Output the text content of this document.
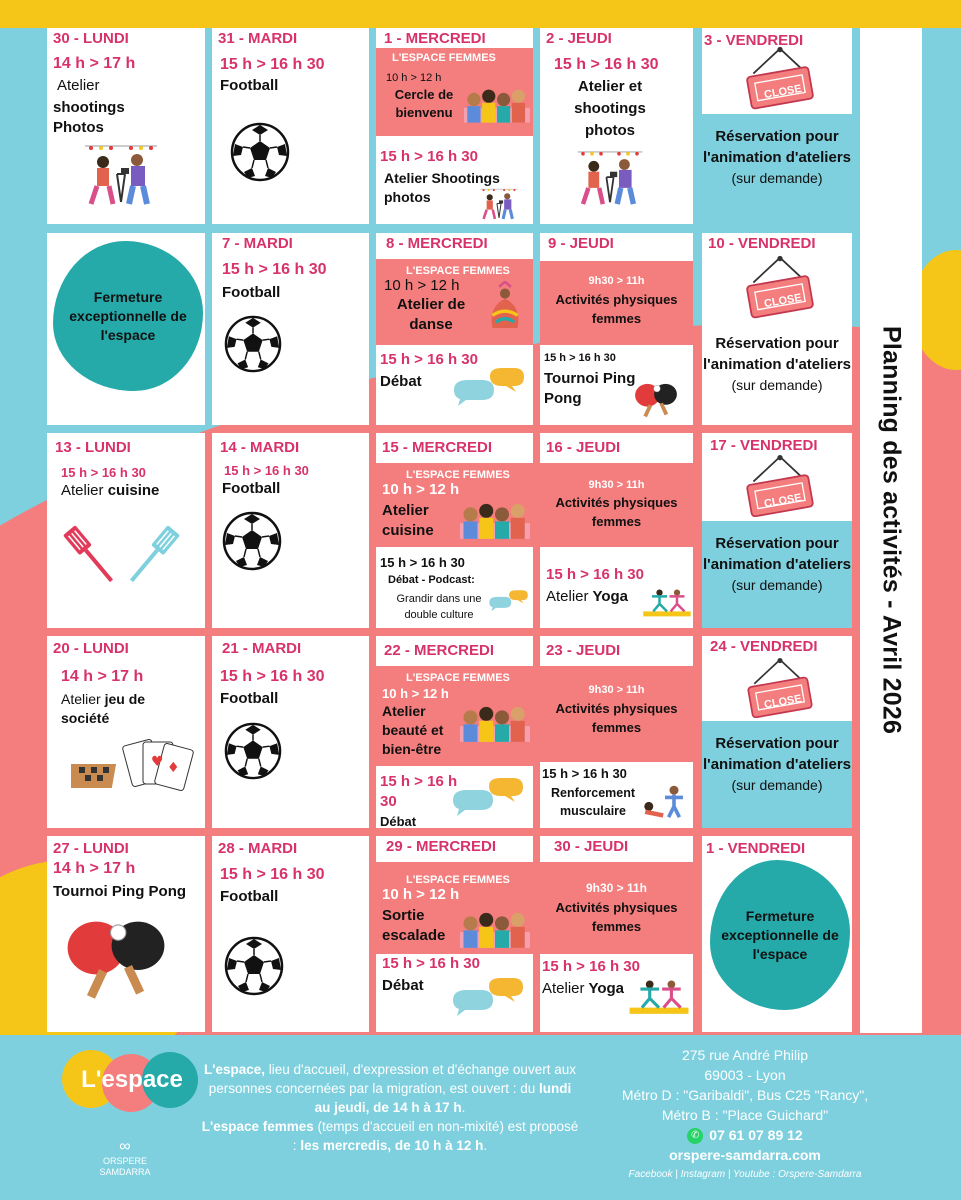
Planning des activités - Avril 2026
30 - LUNDI
14 h > 17 h
Atelier
shootings Photos
31 - MARDI
15 h > 16 h 30
Football
1 - MERCREDI
L'ESPACE FEMMES
10 h > 12 h
Cercle de bienvenu
15 h > 16 h 30
Atelier Shootings photos
2 - JEUDI
15 h > 16 h 30
Atelier et shootings photos
3 - VENDREDI
CLOSE
Réservation pour l'animation d'ateliers
(sur demande)
Fermeture exceptionnelle de l'espace
7 - MARDI
15 h > 16 h 30
Football
8 - MERCREDI
L'ESPACE FEMMES
10 h > 12 h
Atelier de danse
15 h > 16 h 30
Débat
9 - JEUDI
9h30 > 11h
Activités physiques femmes
15 h > 16 h 30
Tournoi Ping Pong
10 - VENDREDI
CLOSE
Réservation pour l'animation d'ateliers
(sur demande)
13 - LUNDI
15 h > 16 h 30
Atelier cuisine
14 - MARDI
15 h > 16 h 30
Football
15 - MERCREDI
L'ESPACE FEMMES
10 h > 12 h
Atelier cuisine
15 h > 16 h 30
Débat - Podcast:
Grandir dans une double culture
16 - JEUDI
9h30 > 11h
Activités physiques femmes
15 h > 16 h 30
Atelier Yoga
17 - VENDREDI
CLOSE
Réservation pour l'animation d'ateliers
(sur demande)
20 - LUNDI
14 h > 17 h
Atelier jeu de société
21 - MARDI
15 h > 16 h 30
Football
22 - MERCREDI
L'ESPACE FEMMES
10 h > 12 h
Atelier beauté et bien-être
15 h > 16 h
30
Débat
23 - JEUDI
9h30 > 11h
Activités physiques femmes
15 h > 16 h 30
Renforcement musculaire
24 - VENDREDI
CLOSE
Réservation pour l'animation d'ateliers
(sur demande)
27 - LUNDI
14 h > 17 h
Tournoi Ping Pong
28 - MARDI
15 h > 16 h 30
Football
29 - MERCREDI
L'ESPACE FEMMES
10 h > 12 h
Sortie escalade
15 h > 16 h 30
Débat
30 - JEUDI
9h30 > 11h
Activités physiques femmes
15 h > 16 h 30
Atelier Yoga
1 - VENDREDI
Fermeture exceptionnelle de l'espace
L'espace
∞
ORSPERE SAMDARRA
L'espace, lieu d'accueil, d'expression et d'échange ouvert aux personnes concernées par la migration, est ouvert : du lundi au jeudi, de 14 h à 17 h.
L'espace femmes (temps d'accueil en non-mixité) est proposé : les mercredis, de 10 h à 12 h.
275 rue André Philip
69003 - Lyon
Métro D : "Garibaldi", Bus C25 "Rancy",
Métro B : "Place Guichard"
✆ 07 61 07 89 12
orspere-samdarra.com
Facebook | Instagram | Youtube : Orspere-Samdarra
